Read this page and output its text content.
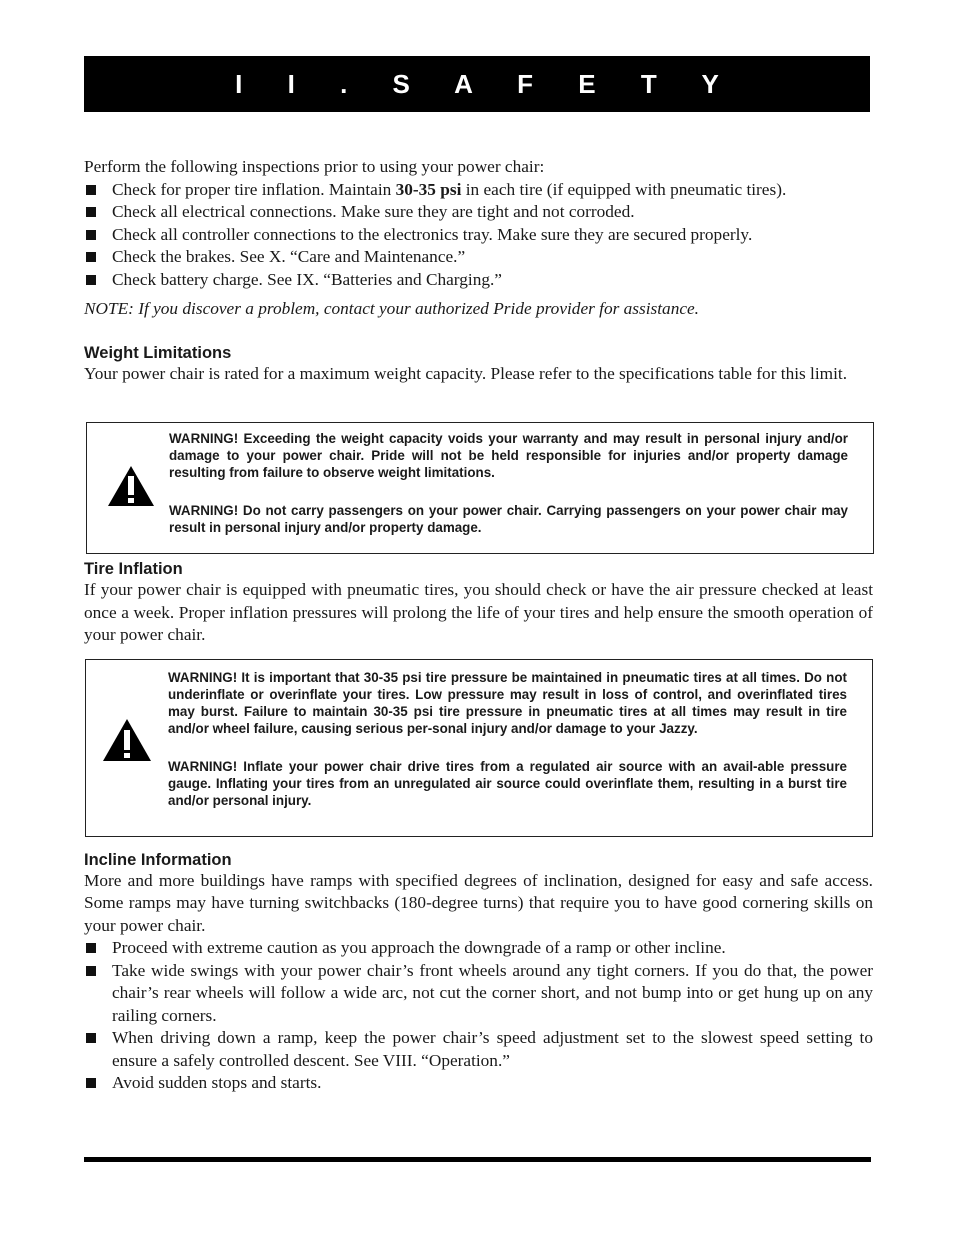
I I . S A F E T Y

Perform the following inspections prior to using your power chair:

Check for proper tire inflation. Maintain 30-35 psi in each tire (if equipped with pneumatic tires).
Check all electrical connections. Make sure they are tight and not corroded.
Check all controller connections to the electronics tray. Make sure they are secured properly.
Check the brakes. See X. “Care and Maintenance.”
Check battery charge. See IX. “Batteries and Charging.”

NOTE: If you discover a problem, contact your authorized Pride provider for assistance.

Weight Limitations

Your power chair is rated for a maximum weight capacity. Please refer to the specifications table for this limit.

WARNING! Exceeding the weight capacity voids your warranty and may result in personal injury and/or damage to your power chair. Pride will not be held responsible for injuries and/or property damage resulting from failure to observe weight limitations.

WARNING! Do not carry passengers on your power chair. Carrying passengers on your power chair may result in personal injury and/or property damage.

Tire Inflation

If your power chair is equipped with pneumatic tires, you should check or have the air pressure checked at least once a week. Proper inflation pressures will prolong the life of your tires and help ensure the smooth operation of your power chair.

WARNING! It is important that 30-35 psi tire pressure be maintained in pneumatic tires at all times. Do not underinflate or overinflate your tires. Low pressure may result in loss of control, and overinflated tires may burst. Failure to maintain 30-35 psi tire pressure in pneumatic tires at all times may result in tire and/or wheel failure, causing serious per-sonal injury and/or damage to your Jazzy.

WARNING! Inflate your power chair drive tires from a regulated air source with an avail-able pressure gauge. Inflating your tires from an unregulated air source could overinflate them, resulting in a burst tire and/or personal injury.

Incline Information

More and more buildings have ramps with specified degrees of inclination, designed for easy and safe access. Some ramps may have turning switchbacks (180-degree turns) that require you to have good cornering skills on your power chair.

Proceed with extreme caution as you approach the downgrade of a ramp or other incline.
Take wide swings with your power chair’s front wheels around any tight corners. If you do that, the power chair’s rear wheels will follow a wide arc, not cut the corner short, and not bump into or get hung up on any railing corners.
When driving down a ramp, keep the power chair’s speed adjustment set to the slowest speed setting to ensure a safely controlled descent. See VIII. “Operation.”
Avoid sudden stops and starts.
